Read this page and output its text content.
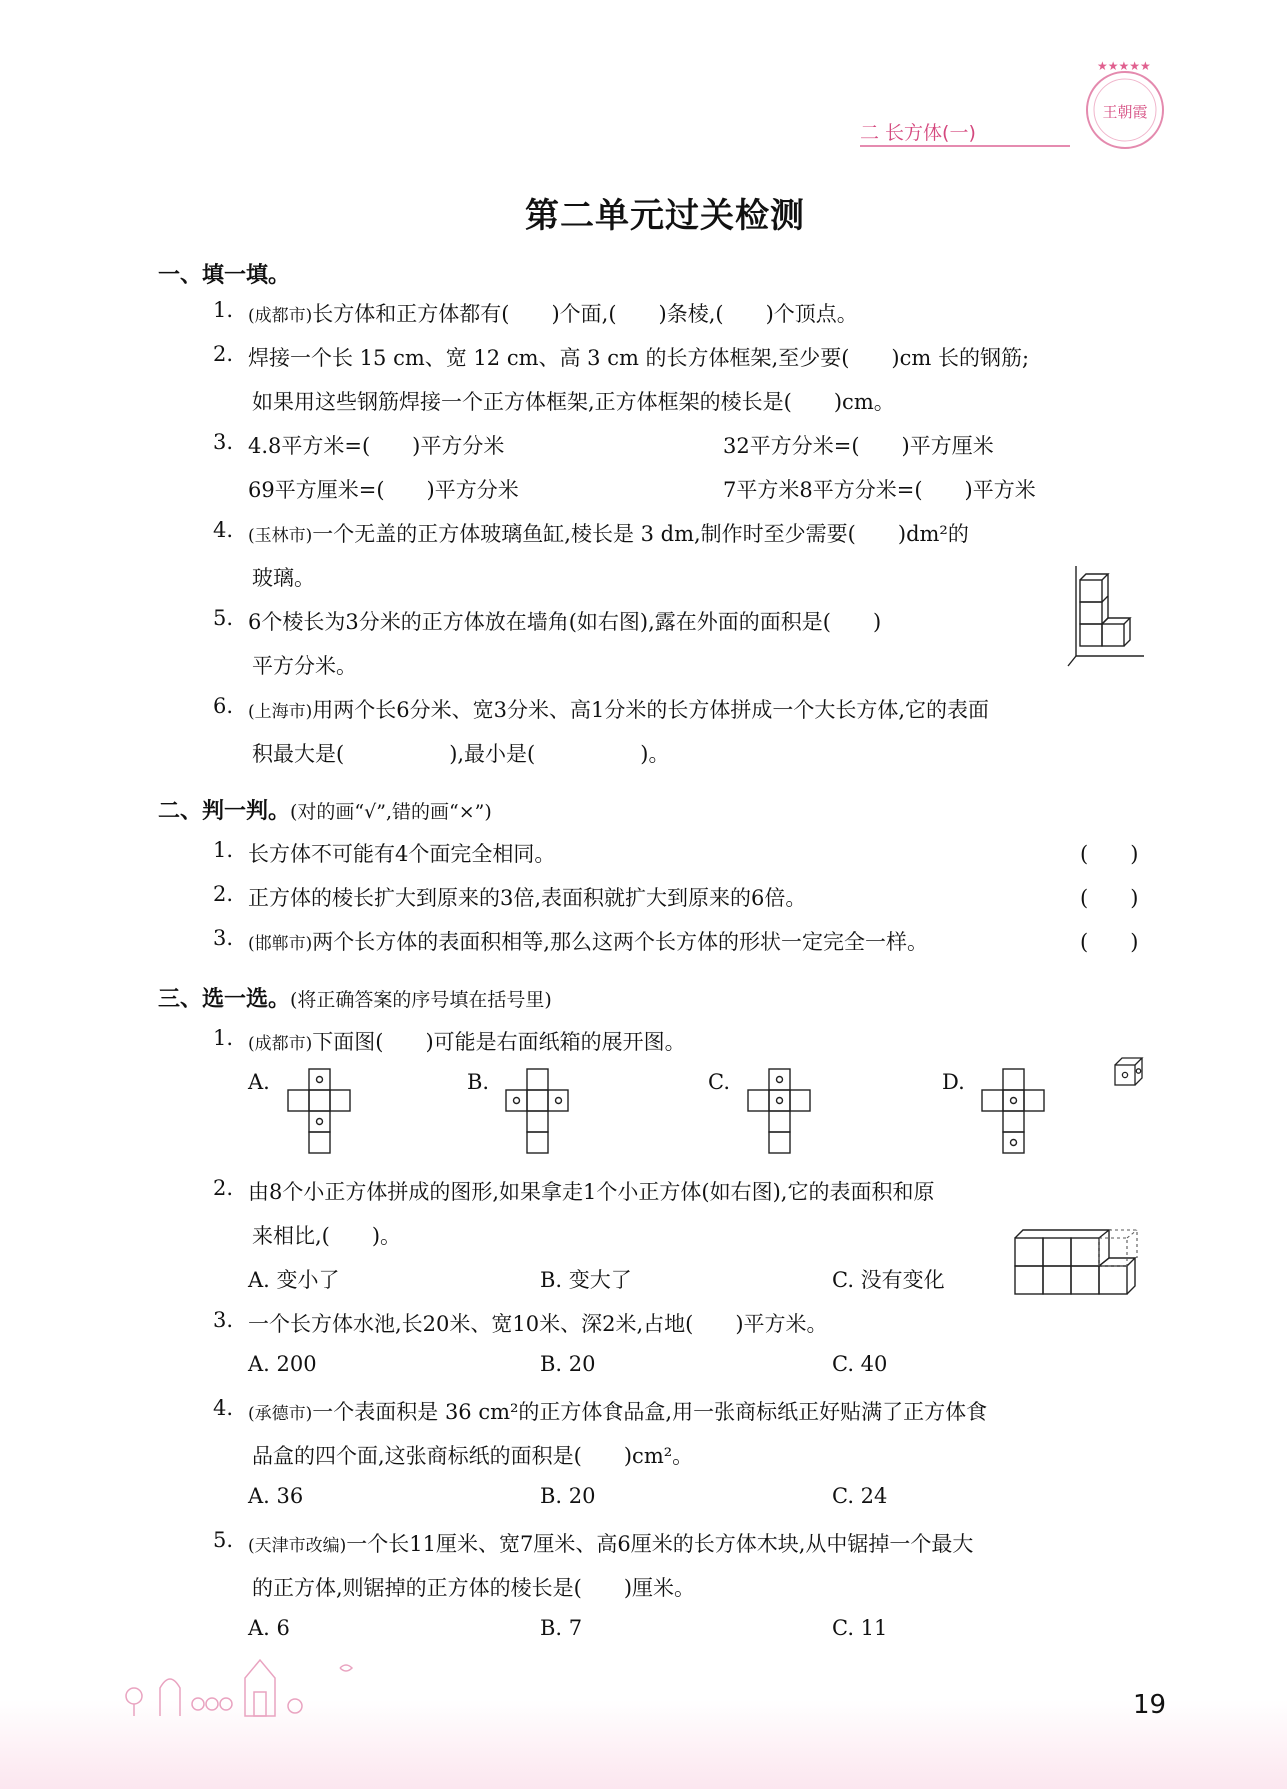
二 长方体(一)
★★★★★
王朝霞
第二单元过关检测
一、填一填。
1. (成都市)长方体和正方体都有(　　)个面,(　　)条棱,(　　)个顶点。
2. 焊接一个长 15 cm、宽 12 cm、高 3 cm 的长方体框架,至少要(　　)cm 长的钢筋;
如果用这些钢筋焊接一个正方体框架,正方体框架的棱长是(　　)cm。
3. 4.8平方米=(　　)平方分米	32平方分米=(　　)平方厘米
69平方厘米=(　　)平方分米	7平方米8平方分米=(　　)平方米
4. (玉林市)一个无盖的正方体玻璃鱼缸,棱长是 3 dm,制作时至少需要(　　)dm²的
玻璃。
5. 6个棱长为3分米的正方体放在墙角(如右图),露在外面的面积是(　　)
平方分米。
6. (上海市)用两个长6分米、宽3分米、高1分米的长方体拼成一个大长方体,它的表面
积最大是(　　　　　),最小是(　　　　　)。
二、判一判。(对的画“√”,错的画“×”)
1. 长方体不可能有4个面完全相同。	(　　)
2. 正方体的棱长扩大到原来的3倍,表面积就扩大到原来的6倍。	(　　)
3. (邯郸市)两个长方体的表面积相等,那么这两个长方体的形状一定完全一样。	(　　)
三、选一选。(将正确答案的序号填在括号里)
1. (成都市)下面图(　　)可能是右面纸箱的展开图。
A.	B.	C.	D.
2. 由8个小正方体拼成的图形,如果拿走1个小正方体(如右图),它的表面积和原
来相比,(　　)。
A. 变小了	B. 变大了	C. 没有变化
3. 一个长方体水池,长20米、宽10米、深2米,占地(　　)平方米。
A. 200	B. 20	C. 40
4. (承德市)一个表面积是 36 cm²的正方体食品盒,用一张商标纸正好贴满了正方体食
品盒的四个面,这张商标纸的面积是(　　)cm²。
A. 36	B. 20	C. 24
5. (天津市改编)一个长11厘米、宽7厘米、高6厘米的长方体木块,从中锯掉一个最大
的正方体,则锯掉的正方体的棱长是(　　)厘米。
A. 6	B. 7	C. 11
19
